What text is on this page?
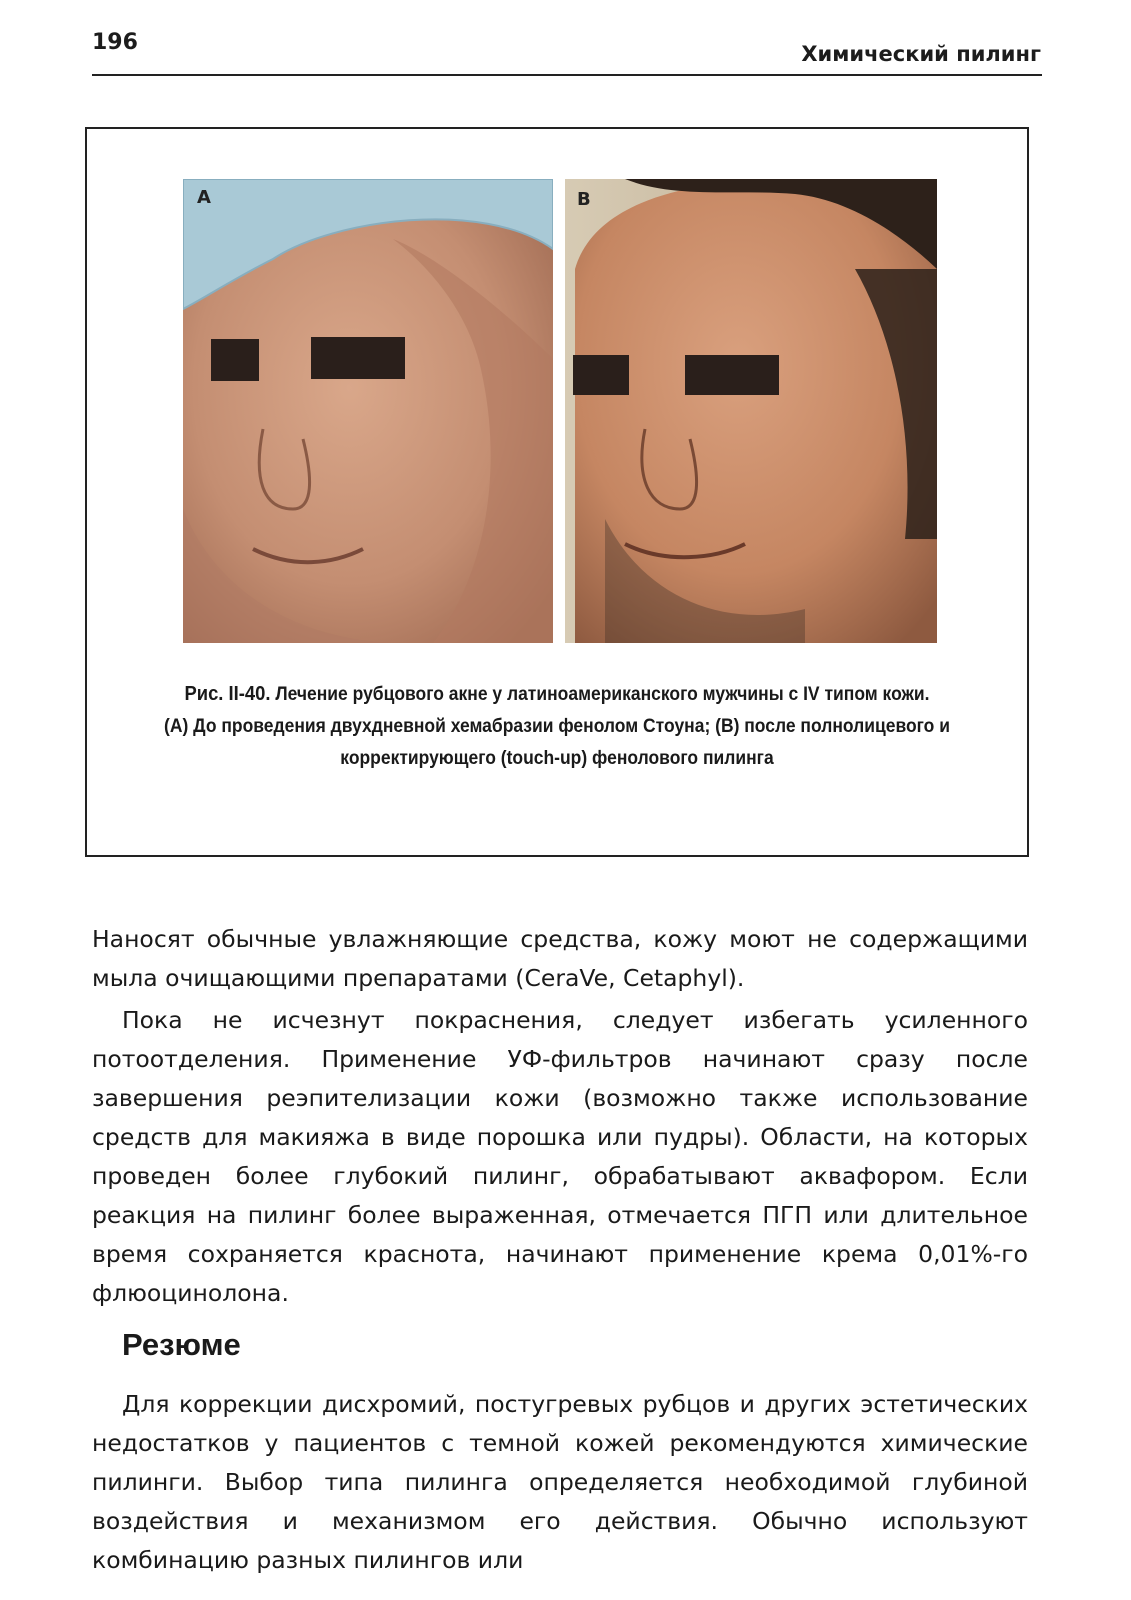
196	Химический пилинг
A	B
Рис. II-40. Лечение рубцового акне у латиноамериканского мужчины с IV типом кожи.
(A) До проведения двухдневной хемабразии фенолом Стоуна; (B) после полнолицевого и
корректирующего (touch-up) фенолового пилинга

Наносят обычные увлажняющие средства, кожу моют не содержащими мыла очищающими препаратами (CeraVe, Cetaphyl).

Пока не исчезнут покраснения, следует избегать усиленного потоотделения. Применение УФ-фильтров начинают сразу после завершения реэпителизации кожи (возможно также использование средств для макияжа в виде порошка или пудры). Области, на которых проведен более глубокий пилинг, обрабатывают аквафором. Если реакция на пилинг более выраженная, отмечается ПГП или длительное время сохраняется краснота, начинают применение крема 0,01%-го флюоцинолона.

Резюме

Для коррекции дисхромий, постугревых рубцов и других эстетических недостатков у пациентов с темной кожей рекомендуются химические пилинги. Выбор типа пилинга определяется необходимой глубиной воздействия и механизмом его действия. Обычно используют комбинацию разных пилингов или
